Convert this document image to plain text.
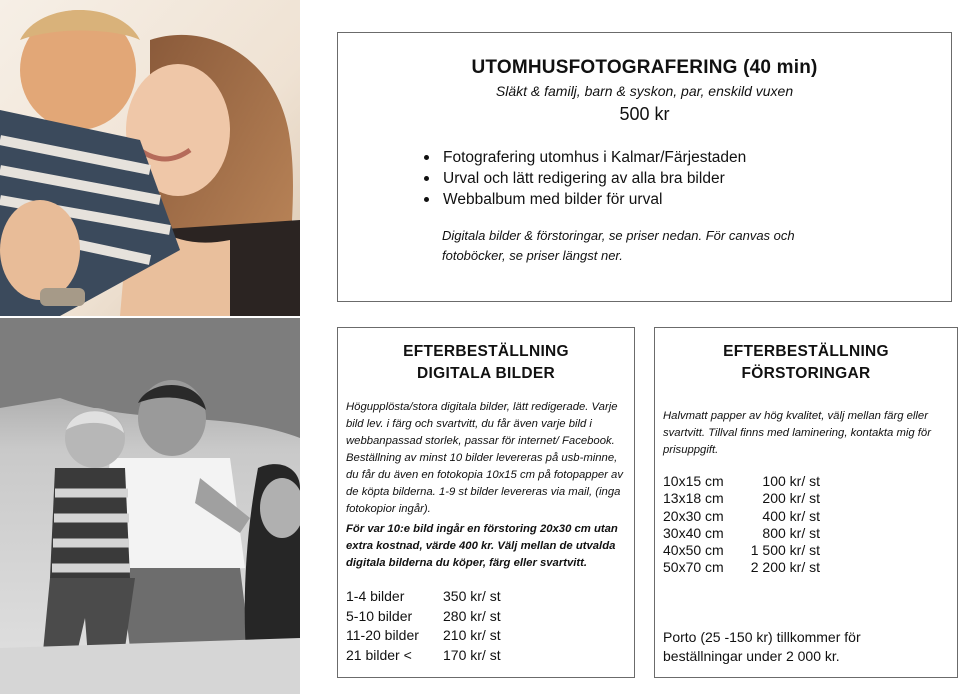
UTOMHUSFOTOGRAFERING (40 min)

Släkt & familj, barn & syskon, par, enskild vuxen

500 kr

Fotografering utomhus i Kalmar/Färjestaden
Urval och lätt redigering av alla bra bilder
Webbalbum med bilder för urval

Digitala bilder & förstoringar, se priser nedan. För canvas och
fotoböcker, se priser längst ner.

EFTERBESTÄLLNING
DIGITALA BILDER

Högupplösta/stora digitala bilder, lätt redigerade. Varje bild lev. i färg och svartvitt, du får även varje bild i webbanpassad storlek, passar för internet/ Facebook. Beställning av minst 10 bilder levereras på usb-minne, du får du även en fotokopia 10x15 cm på fotopapper av de köpta bilderna. 1-9 st bilder levereras via mail, (inga fotokopior ingår).

För var 10:e bild ingår en förstoring 20x30 cm utan extra kostnad, värde 400 kr. Välj mellan de utvalda digitala bilderna du köper, färg eller svartvitt.

1-4 bilder	350 kr/ st
5-10 bilder	280 kr/ st
11-20 bilder	210 kr/ st
21 bilder <	170 kr/ st
EFTERBESTÄLLNING
FÖRSTORINGAR

Halvmatt papper av hög kvalitet, välj mellan färg eller svartvitt. Tillval finns med laminering, kontakta mig för prisuppgift.

10x15 cm	100 kr/ st
13x18 cm	200 kr/ st
20x30 cm	400 kr/ st
30x40 cm	800 kr/ st
40x50 cm	1 500 kr/ st
50x70 cm	2 200 kr/ st

Porto (25 -150 kr) tillkommer för beställningar under 2 000 kr.
